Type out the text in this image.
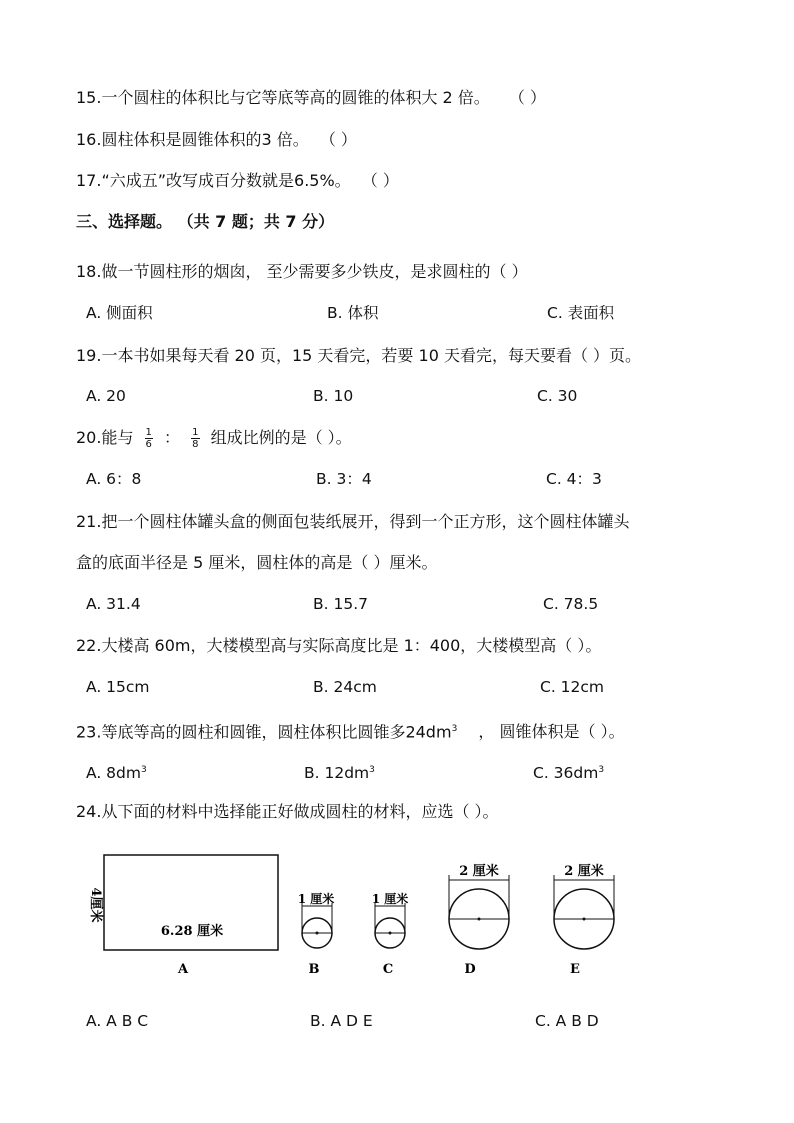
15.一个圆柱的体积比与它等底等高的圆锥的体积大 2 倍。 （ ）
16.圆柱体积是圆锥体积的3 倍。 （ ）
17.“六成五”改写成百分数就是6.5%。 （ ）
三、选择题。 （共 7 题；共 7 分）
18.做一节圆柱形的烟囱， 至少需要多少铁皮，是求圆柱的（ ）
A. 侧面积	B. 体积	C. 表面积
19.一本书如果每天看 20 页，15 天看完，若要 10 天看完，每天要看（ ）页。
A. 20	B. 10	C. 30
20.能与 $\frac{1}{6}$ ： $\frac{1}{8}$ 组成比例的是（ ）。
A. 6：8	B. 3：4	C. 4：3
21.把一个圆柱体罐头盒的侧面包装纸展开，得到一个正方形，这个圆柱体罐头
盒的底面半径是 5 厘米，圆柱体的高是（ ）厘米。
A. 31.4	B. 15.7	C. 78.5
22.大楼高 60m，大楼模型高与实际高度比是 1：400，大楼模型高（ ）。
A. 15cm	B. 24cm	C. 12cm
23.等底等高的圆柱和圆锥，圆柱体积比圆锥多$24dm^3$ ， 圆锥体积是（ ）。
A. $8dm^3$	B. $12dm^3$	C. $36dm^3$
24.从下面的材料中选择能正好做成圆柱的材料，应选（ ）。
4厘米
6.28 厘米
A
1 厘米
B
1 厘米
C
2 厘米
D
2 厘米
E
A. A B C	B. A D E	C. A B D
